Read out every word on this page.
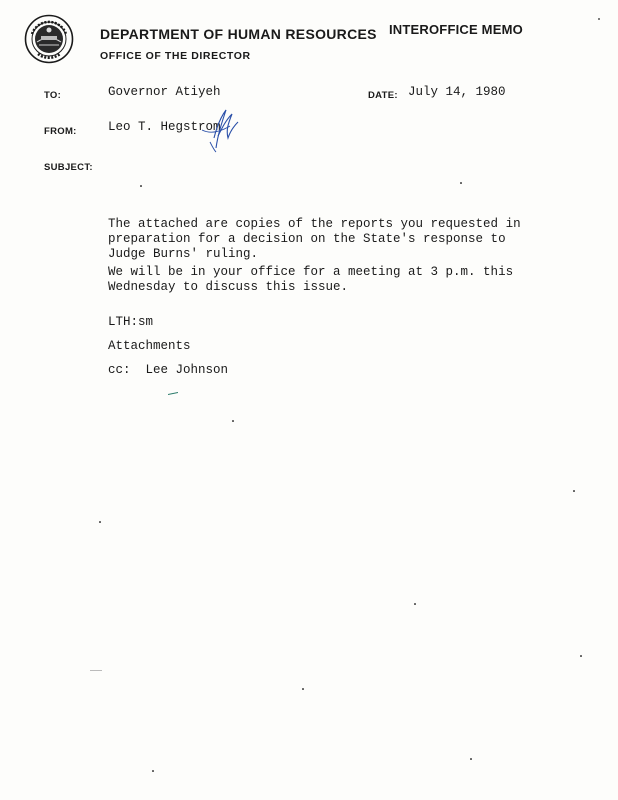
DEPARTMENT OF HUMAN RESOURCES
OFFICE OF THE DIRECTOR
INTEROFFICE MEMO
TO:	Governor Atiyeh	DATE: July 14, 1980
FROM:	Leo T. Hegstrom
SUBJECT:
The attached are copies of the reports you requested in preparation for a decision on the State's response to Judge Burns' ruling.
We will be in your office for a meeting at 3 p.m. this Wednesday to discuss this issue.
LTH:sm
Attachments
cc:  Lee Johnson
